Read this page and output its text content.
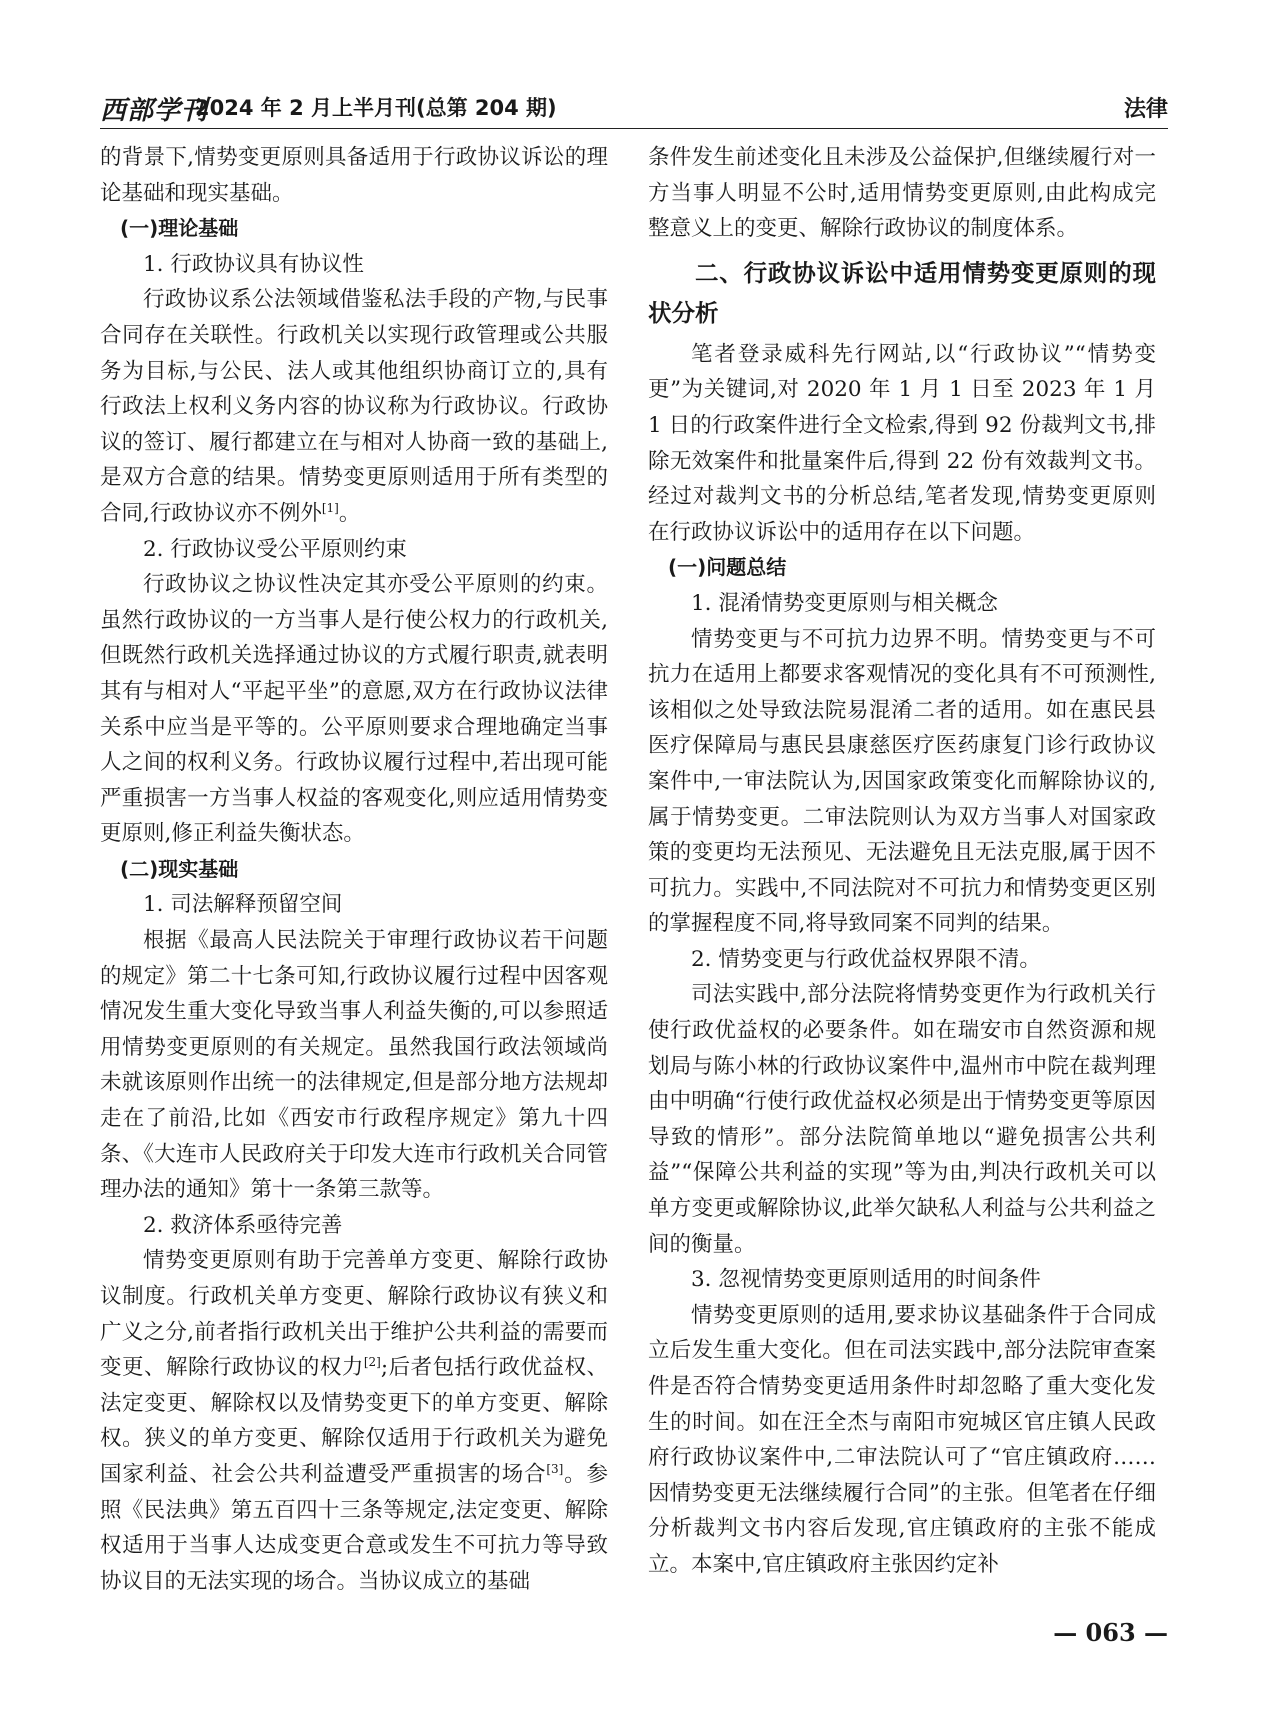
西部学刊
2024 年 2 月上半月刊(总第 204 期)	法律

的背景下,情势变更原则具备适用于行政协议诉讼的理论基础和现实基础。

(一)理论基础

1. 行政协议具有协议性

行政协议系公法领域借鉴私法手段的产物,与民事合同存在关联性。行政机关以实现行政管理或公共服务为目标,与公民、法人或其他组织协商订立的,具有行政法上权利义务内容的协议称为行政协议。行政协议的签订、履行都建立在与相对人协商一致的基础上,是双方合意的结果。情势变更原则适用于所有类型的合同,行政协议亦不例外[1]。

2. 行政协议受公平原则约束

行政协议之协议性决定其亦受公平原则的约束。虽然行政协议的一方当事人是行使公权力的行政机关,但既然行政机关选择通过协议的方式履行职责,就表明其有与相对人“平起平坐”的意愿,双方在行政协议法律关系中应当是平等的。公平原则要求合理地确定当事人之间的权利义务。行政协议履行过程中,若出现可能严重损害一方当事人权益的客观变化,则应适用情势变更原则,修正利益失衡状态。

(二)现实基础

1. 司法解释预留空间

根据《最高人民法院关于审理行政协议若干问题的规定》第二十七条可知,行政协议履行过程中因客观情况发生重大变化导致当事人利益失衡的,可以参照适用情势变更原则的有关规定。虽然我国行政法领域尚未就该原则作出统一的法律规定,但是部分地方法规却走在了前沿,比如《西安市行政程序规定》第九十四条、《大连市人民政府关于印发大连市行政机关合同管理办法的通知》第十一条第三款等。

2. 救济体系亟待完善

情势变更原则有助于完善单方变更、解除行政协议制度。行政机关单方变更、解除行政协议有狭义和广义之分,前者指行政机关出于维护公共利益的需要而变更、解除行政协议的权力[2];后者包括行政优益权、法定变更、解除权以及情势变更下的单方变更、解除权。狭义的单方变更、解除仅适用于行政机关为避免国家利益、社会公共利益遭受严重损害的场合[3]。参照《民法典》第五百四十三条等规定,法定变更、解除权适用于当事人达成变更合意或发生不可抗力等导致协议目的无法实现的场合。当协议成立的基础

条件发生前述变化且未涉及公益保护,但继续履行对一方当事人明显不公时,适用情势变更原则,由此构成完整意义上的变更、解除行政协议的制度体系。

二、行政协议诉讼中适用情势变更原则的现状分析

笔者登录威科先行网站,以“行政协议”“情势变更”为关键词,对 2020 年 1 月 1 日至 2023 年 1 月 1 日的行政案件进行全文检索,得到 92 份裁判文书,排除无效案件和批量案件后,得到 22 份有效裁判文书。经过对裁判文书的分析总结,笔者发现,情势变更原则在行政协议诉讼中的适用存在以下问题。

(一)问题总结

1. 混淆情势变更原则与相关概念

情势变更与不可抗力边界不明。情势变更与不可抗力在适用上都要求客观情况的变化具有不可预测性,该相似之处导致法院易混淆二者的适用。如在惠民县医疗保障局与惠民县康慈医疗医药康复门诊行政协议案件中,一审法院认为,因国家政策变化而解除协议的,属于情势变更。二审法院则认为双方当事人对国家政策的变更均无法预见、无法避免且无法克服,属于因不可抗力。实践中,不同法院对不可抗力和情势变更区别的掌握程度不同,将导致同案不同判的结果。

2. 情势变更与行政优益权界限不清。

司法实践中,部分法院将情势变更作为行政机关行使行政优益权的必要条件。如在瑞安市自然资源和规划局与陈小林的行政协议案件中,温州市中院在裁判理由中明确“行使行政优益权必须是出于情势变更等原因导致的情形”。部分法院简单地以“避免损害公共利益”“保障公共利益的实现”等为由,判决行政机关可以单方变更或解除协议,此举欠缺私人利益与公共利益之间的衡量。

3. 忽视情势变更原则适用的时间条件

情势变更原则的适用,要求协议基础条件于合同成立后发生重大变化。但在司法实践中,部分法院审查案件是否符合情势变更适用条件时却忽略了重大变化发生的时间。如在汪全杰与南阳市宛城区官庄镇人民政府行政协议案件中,二审法院认可了“官庄镇政府……因情势变更无法继续履行合同”的主张。但笔者在仔细分析裁判文书内容后发现,官庄镇政府的主张不能成立。本案中,官庄镇政府主张因约定补

— 063 —
